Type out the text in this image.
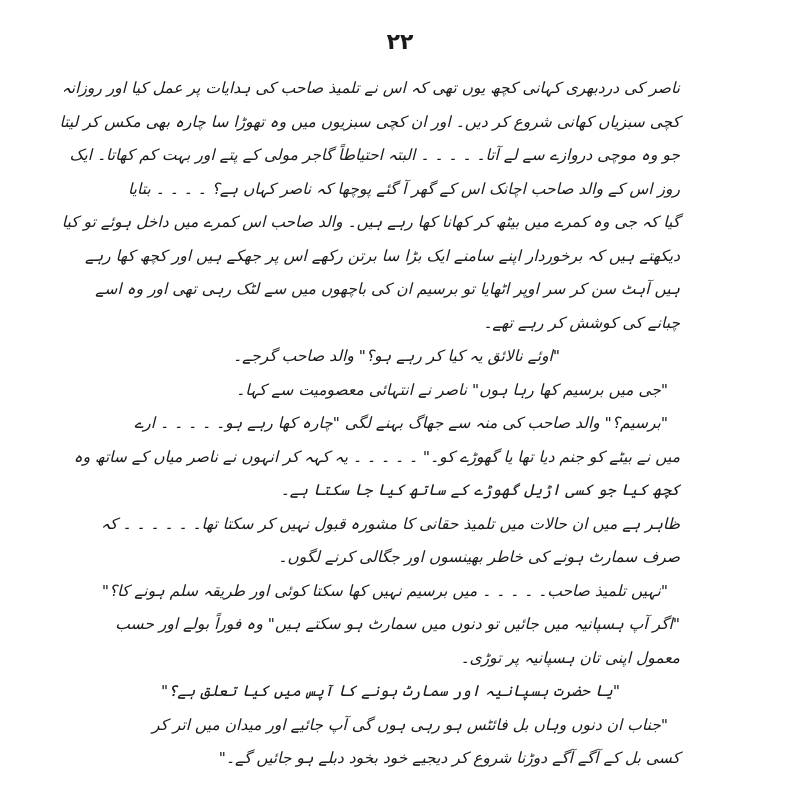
۲۲
ناصر کی دردبھری کہانی کچھ یوں تھی کہ اس نے تلمیذ صاحب کی ہدایات پر عمل کیا اور روزانہ
کچی سبزیاں کھانی شروع کر دیں۔ اور ان کچی سبزیوں میں وہ تھوڑا سا چارہ بھی مکس کر لیتا
جو وہ موچی دروازے سے لے آتا۔ ۔ ۔ ۔ ۔ البتہ احتیاطاً گاجر مولی کے پتے اور بہت کم کھاتا۔ ایک
روز اس کے والد صاحب اچانک اس کے گھر آ گئے پوچھا کہ ناصر کہاں ہے؟ ۔ ۔ ۔ ۔ بتایا
گیا کہ جی وہ کمرے میں بیٹھ کر کھانا کھا رہے ہیں۔ والد صاحب اس کمرے میں داخل ہوئے تو کیا
دیکھتے ہیں کہ برخوردار اپنے سامنے ایک بڑا سا برتن رکھے اس پر جھکے ہیں اور کچھ کھا رہے
ہیں آہٹ سن کر سر اوپر اٹھایا تو برسیم ان کی باچھوں میں سے لٹک رہی تھی اور وہ اسے
چبانے کی کوشش کر رہے تھے۔
"اوئے نالائق یہ کیا کر رہے ہو؟" والد صاحب گرجے۔
"جی میں برسیم کھا رہا ہوں" ناصر نے انتہائی معصومیت سے کہا۔
"برسیم؟" والد صاحب کی منہ سے جھاگ بہنے لگی "چارہ کھا رہے ہو۔ ۔ ۔ ۔ ۔ ارے
میں نے بیٹے کو جنم دیا تھا یا گھوڑے کو۔" ۔ ۔ ۔ ۔ ۔ یہ کہہ کر انہوں نے ناصر میاں کے ساتھ وہ
کچھ کیا جو کسی اڑیل گھوڑے کے ساتھ کیا جا سکتا ہے۔
ظاہر ہے میں ان حالات میں تلمیذ حقانی کا مشورہ قبول نہیں کر سکتا تھا۔ ۔ ۔ ۔ ۔ ۔ کہ
صرف سمارٹ ہونے کی خاطر بھینسوں اور جگالی کرنے لگوں۔
"نہیں تلمیذ صاحب۔ ۔ ۔ ۔ ۔ میں برسیم نہیں کھا سکتا کوئی اور طریقہ سلم ہونے کا؟"
"اگر آپ ہسپانیہ میں جائیں تو دنوں میں سمارٹ ہو سکتے ہیں" وہ فوراً بولے اور حسب
معمول اپنی تان ہسپانیہ پر توڑی۔
"یا حضرت ہسپانیہ اور سمارٹ ہونے کا آپس میں کیا تعلق ہے؟"
"جناب ان دنوں وہاں بل فائٹس ہو رہی ہوں گی آپ جائیے اور میدان میں اتر کر
کسی بل کے آگے آگے دوڑنا شروع کر دیجیے خود بخود دبلے ہو جائیں گے۔"
